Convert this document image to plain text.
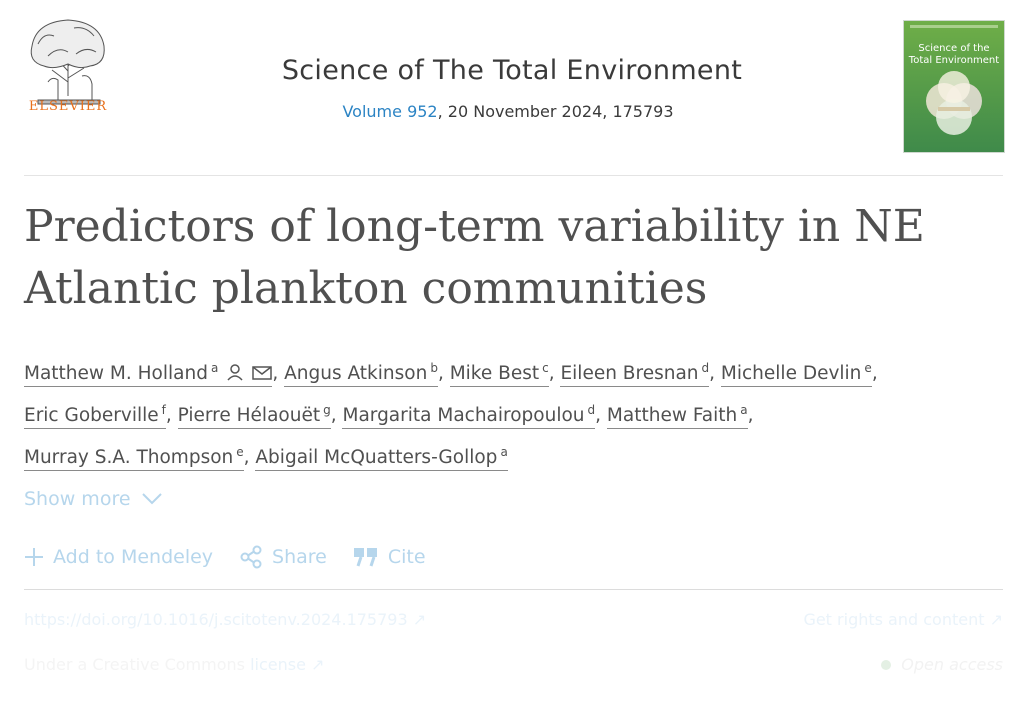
ELSEVIER
Science of The Total Environment
Volume 952, 20 November 2024, 175793
Science of the
Total Environment
Predictors of long-term variability in NE Atlantic plankton communities
Matthew M. Holland $^a$	, Angus Atkinson $^b$, Mike Best $^c$, Eileen Bresnan $^d$, Michelle Devlin $^e$,
Eric Goberville $^f$, Pierre Hélaouët $^g$, Margarita Machairopoulou $^d$, Matthew Faith $^a$,
Murray S.A. Thompson $^e$, Abigail McQuatters-Gollop $^a$
Show more
Add to Mendeley	Share	Cite
https://doi.org/10.1016/j.scitotenv.2024.175793 ↗	Get rights and content ↗
Under a Creative Commons license ↗	Open access
